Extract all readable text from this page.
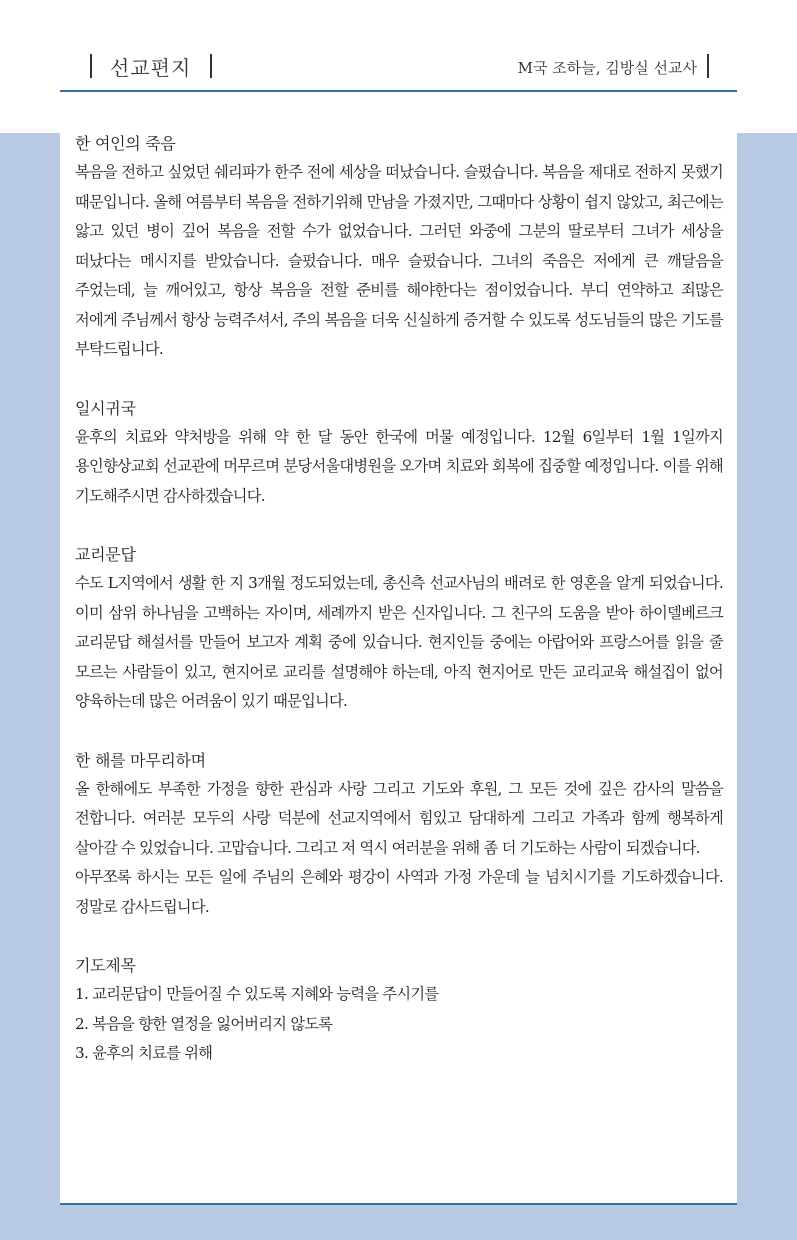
선교편지	M국 조하늘, 김방실 선교사
한 여인의 죽음

복음을 전하고 싶었던 쉐리파가 한주 전에 세상을 떠났습니다. 슬펐습니다. 복음을 제대로 전하지 못했기 때문입니다. 올해 여름부터 복음을 전하기위해 만남을 가졌지만, 그때마다 상황이 쉽지 않았고, 최근에는 앓고 있던 병이 깊어 복음을 전할 수가 없었습니다. 그러던 와중에 그분의 딸로부터 그녀가 세상을 떠났다는 메시지를 받았습니다. 슬펐습니다. 매우 슬펐습니다. 그녀의 죽음은 저에게 큰 깨달음을 주었는데, 늘 깨어있고, 항상 복음을 전할 준비를 해야한다는 점이었습니다. 부디 연약하고 죄많은 저에게 주님께서 항상 능력주셔서, 주의 복음을 더욱 신실하게 증거할 수 있도록 성도님들의 많은 기도를 부탁드립니다.

일시귀국

윤후의 치료와 약처방을 위해 약 한 달 동안 한국에 머물 예정입니다. 12월 6일부터 1월 1일까지 용인향상교회 선교관에 머무르며 분당서울대병원을 오가며 치료와 회복에 집중할 예정입니다. 이를 위해 기도해주시면 감사하겠습니다.

교리문답

수도 L지역에서 생활 한 지 3개월 정도되었는데, 총신측 선교사님의 배려로 한 영혼을 알게 되었습니다. 이미 삼위 하나님을 고백하는 자이며, 세례까지 받은 신자입니다. 그 친구의 도움을 받아 하이델베르크 교리문답 해설서를 만들어 보고자 계획 중에 있습니다. 현지인들 중에는 아랍어와 프랑스어를 읽을 줄 모르는 사람들이 있고, 현지어로 교리를 설명해야 하는데, 아직 현지어로 만든 교리교육 해설집이 없어 양육하는데 많은 어려움이 있기 때문입니다.

한 해를 마무리하며

올 한해에도 부족한 가정을 향한 관심과 사랑 그리고 기도와 후원, 그 모든 것에 깊은 감사의 말씀을 전합니다. 여러분 모두의 사랑 덕분에 선교지역에서 힘있고 담대하게 그리고 가족과 함께 행복하게 살아갈 수 있었습니다. 고맙습니다. 그리고 저 역시 여러분을 위해 좀 더 기도하는 사람이 되겠습니다.

아무쪼록 하시는 모든 일에 주님의 은혜와 평강이 사역과 가정 가운데 늘 넘치시기를 기도하겠습니다. 정말로 감사드립니다.

기도제목
1. 교리문답이 만들어질 수 있도록 지혜와 능력을 주시기를
2. 복음을 향한 열정을 잃어버리지 않도록
3. 윤후의 치료를 위해
